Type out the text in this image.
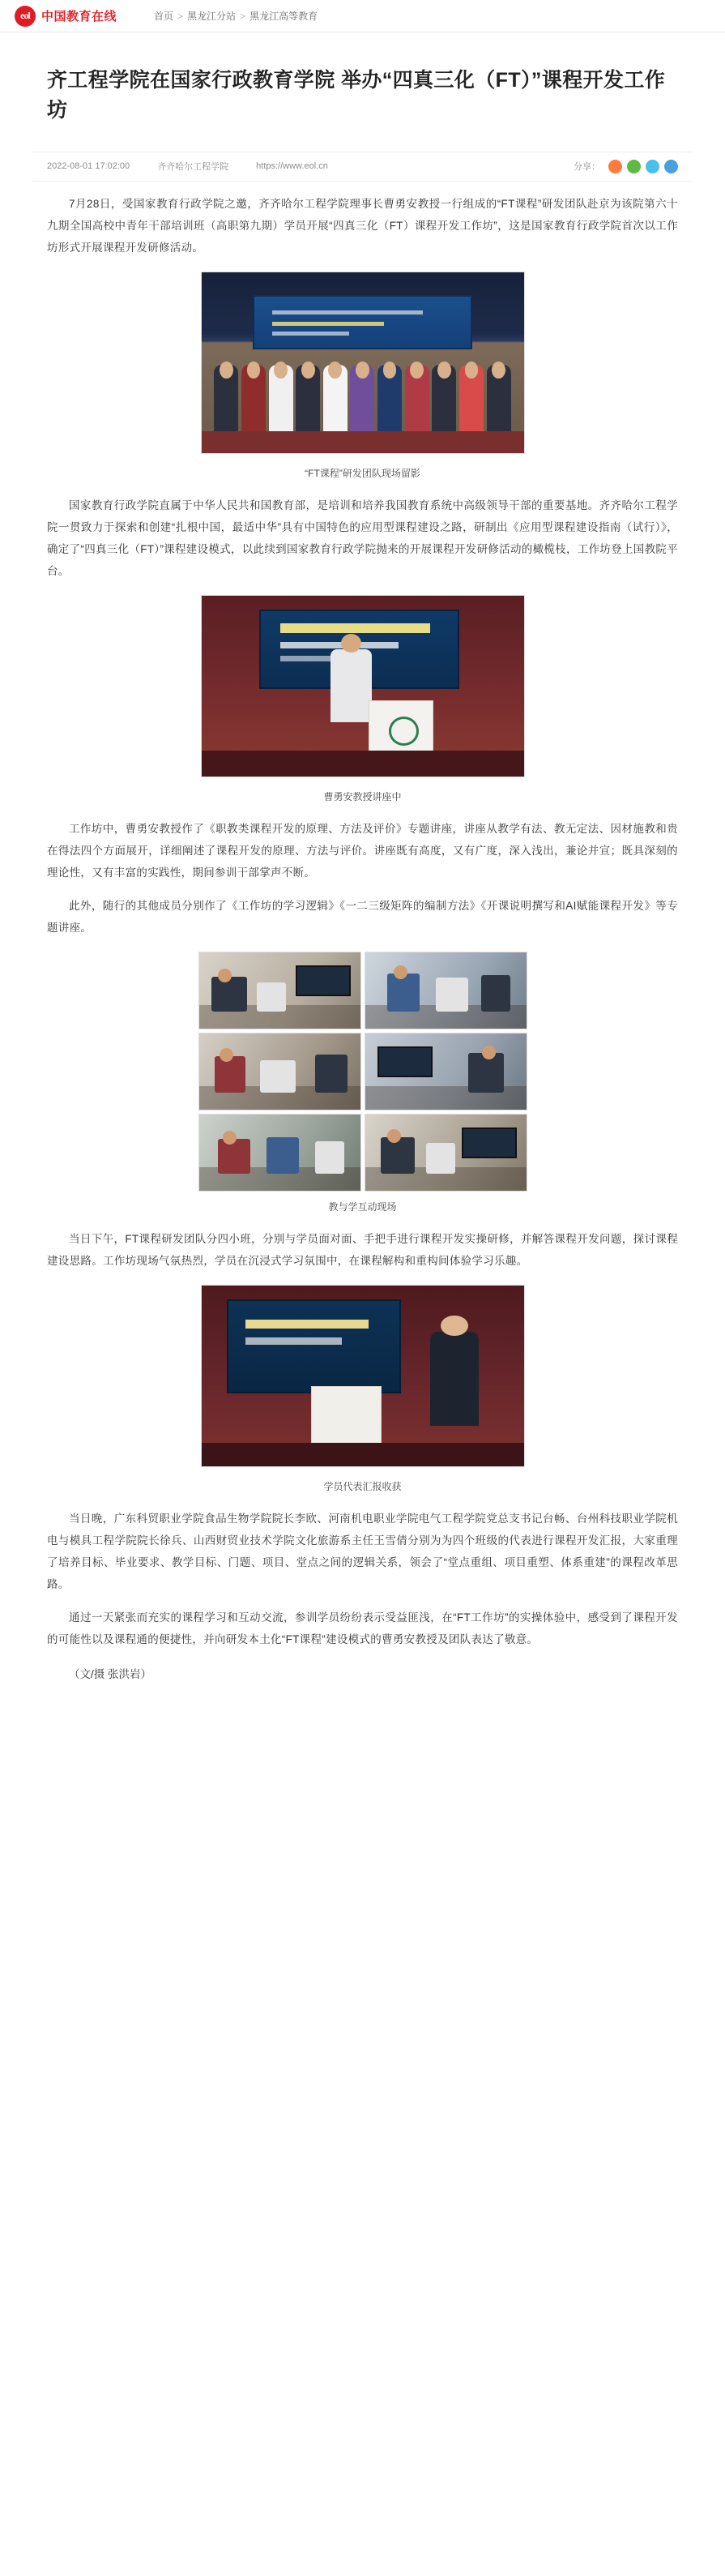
eol 中国教育在线	首页 > 黑龙江分站 > 黑龙江高等教育
齐工程学院在国家行政教育学院 举办“四真三化（FT）”课程开发工作坊
2022-08-01 17:02:00	齐齐哈尔工程学院	https://www.eol.cn	分享：

7月28日，受国家教育行政学院之邀，齐齐哈尔工程学院理事长曹勇安教授一行组成的“FT课程”研发团队赴京为该院第六十九期全国高校中青年干部培训班（高职第九期）学员开展“四真三化（FT）课程开发工作坊”，这是国家教育行政学院首次以工作坊形式开展课程开发研修活动。

“FT课程”研发团队现场留影

国家教育行政学院直属于中华人民共和国教育部，是培训和培养我国教育系统中高级领导干部的重要基地。齐齐哈尔工程学院一贯致力于探索和创建“扎根中国，最适中华”具有中国特色的应用型课程建设之路，研制出《应用型课程建设指南（试行）》，确定了“四真三化（FT）”课程建设模式，以此续到国家教育行政学院抛来的开展课程开发研修活动的橄榄枝，工作坊登上国教院平台。

曹勇安教授讲座中

工作坊中，曹勇安教授作了《职教类课程开发的原理、方法及评价》专题讲座，讲座从教学有法、教无定法、因材施教和贵在得法四个方面展开，详细阐述了课程开发的原理、方法与评价。讲座既有高度，又有广度，深入浅出，兼论并宣；既具深刻的理论性，又有丰富的实践性，期间参训干部掌声不断。

此外，随行的其他成员分别作了《工作坊的学习逻辑》《一二三级矩阵的编制方法》《开课说明撰写和AI赋能课程开发》等专题讲座。

教与学互动现场

当日下午，FT课程研发团队分四小班，分别与学员面对面、手把手进行课程开发实操研修，并解答课程开发问题，探讨课程建设思路。工作坊现场气氛热烈，学员在沉浸式学习氛围中，在课程解构和重构间体验学习乐趣。

学员代表汇报收获

当日晚，广东科贸职业学院食品生物学院院长李欧、河南机电职业学院电气工程学院党总支书记台畅、台州科技职业学院机电与模具工程学院院长徐兵、山西财贸业技术学院文化旅游系主任王雪倩分别为为四个班级的代表进行课程开发汇报，大家重理了培养目标、毕业要求、教学目标、门题、项目、堂点之间的逻辑关系，领会了“堂点重组、项目重塑、体系重建”的课程改革思路。

通过一天紧张而充实的课程学习和互动交流，参训学员纷纷表示受益匪浅，在“FT工作坊”的实操体验中，感受到了课程开发的可能性以及课程通的便捷性，并向研发本土化“FT课程”建设模式的曹勇安教授及团队表达了敬意。

（文/摄 张洪岩）
